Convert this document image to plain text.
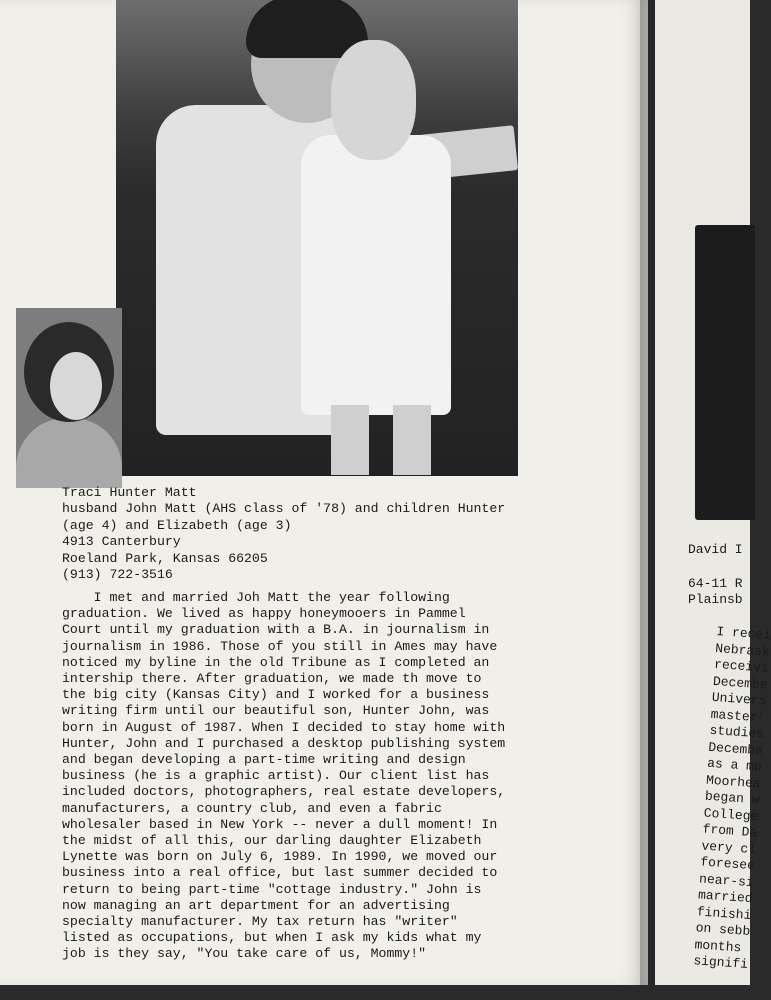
Traci Hunter Matt
husband John Matt (AHS class of '78) and children Hunter
(age 4) and Elizabeth (age 3)
4913 Canterbury
Roeland Park, Kansas 66205
(913) 722-3516
I met and married Joh Matt the year following
graduation. We lived as happy honeymooers in Pammel
Court until my graduation with a B.A. in journalism in
journalism in 1986. Those of you still in Ames may have
noticed my byline in the old Tribune as I completed an
intership there. After graduation, we made th move to
the big city (Kansas City) and I worked for a business
writing firm until our beautiful son, Hunter John, was
born in August of 1987. When I decided to stay home with
Hunter, John and I purchased a desktop publishing system
and began developing a part-time writing and design
business (he is a graphic artist). Our client list has
included doctors, photographers, real estate developers,
manufacturers, a country club, and even a fabric
wholesaler based in New York -- never a dull moment! In
the midst of all this, our darling daughter Elizabeth
Lynette was born on July 6, 1989. In 1990, we moved our
business into a real office, but last summer decided to
return to being part-time "cottage industry." John is
now managing an art department for an advertising
specialty manufacturer. My tax return has "writer"
listed as occupations, but when I ask my kids what my
job is they say, "You take care of us, Mommy!"
David I
64-11 R
Plainsb
I recei
Nebrask
receivi
Decembe
Univers
master'
studies
Decembe
as a mu
Moorhea
began w
College
from Da
very cl
foresee
near-si
married
finishi
on sebb
months
signifi
